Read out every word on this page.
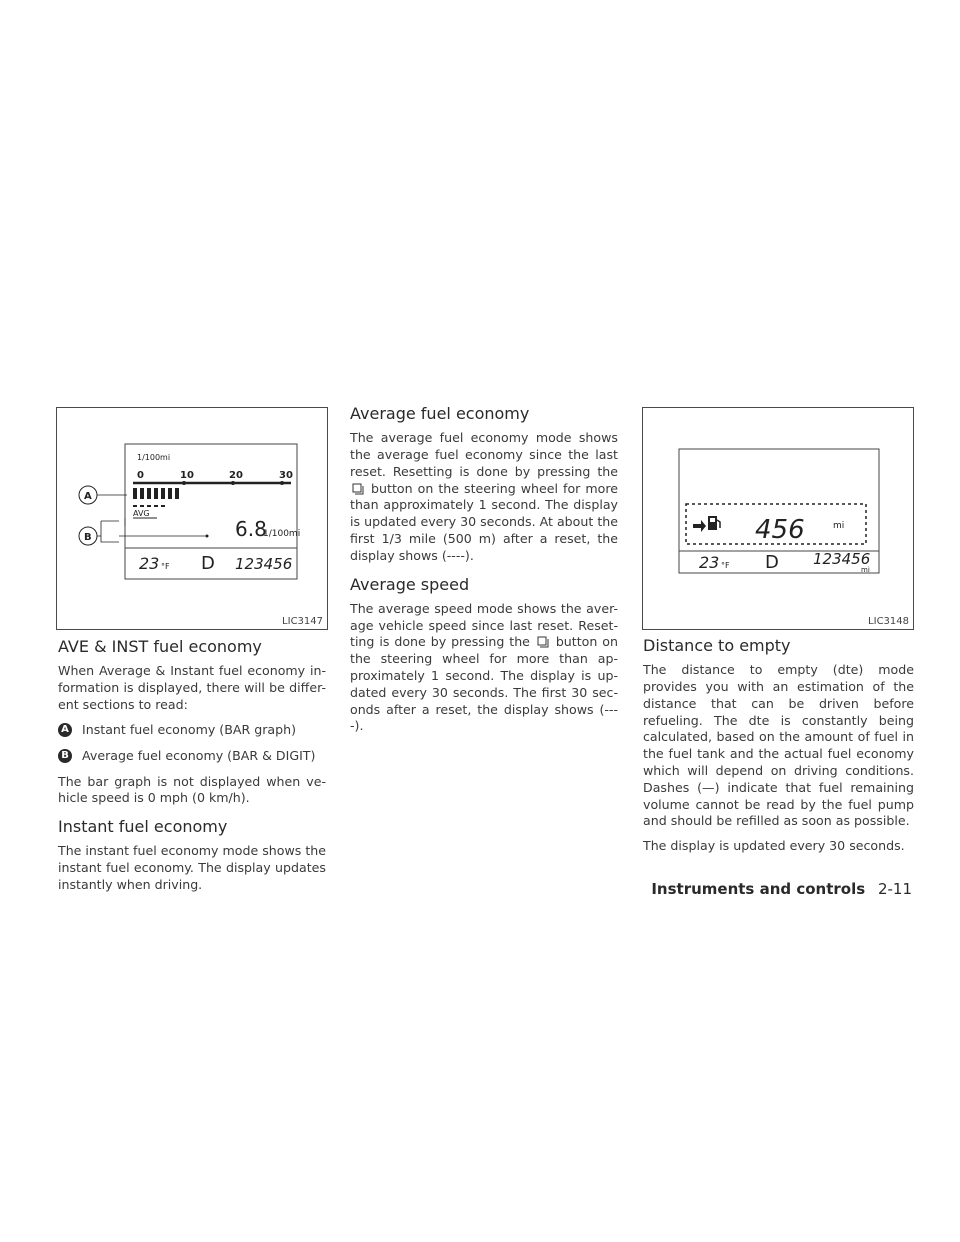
1/100mi
0	10	20	30
AVG
6.8
1/100mi
23 °F D 123456
A
B
LIC3147
456	mi
23 °F D 123456
mi
LIC3148
AVE & INST fuel economy

When Average & Instant fuel economy in-formation is displayed, there will be differ-ent sections to read:

A Instant fuel economy (BAR graph)
B Average fuel economy (BAR & DIGIT)

The bar graph is not displayed when ve-hicle speed is 0 mph (0 km/h).

Instant fuel economy

The instant fuel economy mode shows the instant fuel economy. The display updates instantly when driving.

Average fuel economy

The average fuel economy mode shows the average fuel economy since the last reset. Resetting is done by pressing the  button on the steering wheel for more than approximately 1 second. The display is updated every 30 seconds. At about the first 1/3 mile (500 m) after a reset, the display shows (----).

Average speed

The average speed mode shows the aver-age vehicle speed since last reset. Reset-ting is done by pressing the button on the steering wheel for more than ap-proximately 1 second. The display is up-dated every 30 seconds. The first 30 sec-onds after a reset, the display shows (----).

Distance to empty

The distance to empty (dte) mode provides you with an estimation of the distance that can be driven before refueling. The dte is constantly being calculated, based on the amount of fuel in the fuel tank and the actual fuel economy which will depend on driving conditions. Dashes (—) indicate that fuel remaining volume cannot be read by the fuel pump and should be refilled as soon as possible.

The display is updated every 30 seconds.

Instruments and controls 2-11
